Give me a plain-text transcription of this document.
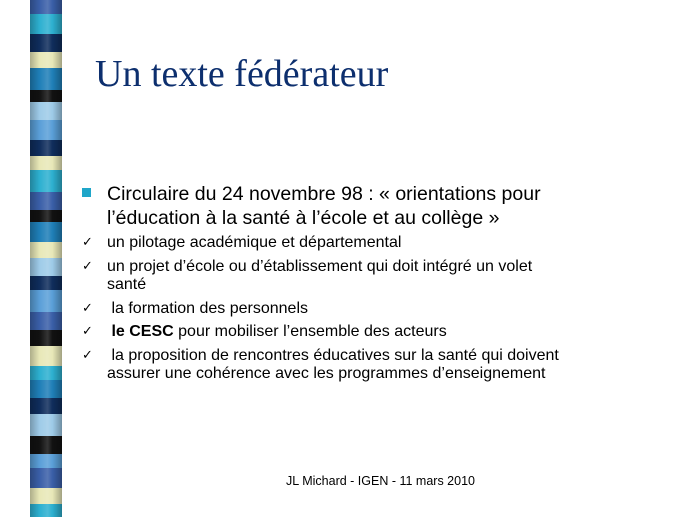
Un texte fédérateur
Circulaire du 24 novembre 98 : « orientations pour
l’éducation à la santé à l’école et au collège »
✓ un pilotage académique et départemental
✓ un projet d’école ou d’établissement qui doit intégré un volet
santé
✓ la formation des personnels
✓ le CESC pour mobiliser l’ensemble des acteurs
✓ la proposition de rencontres éducatives sur la santé qui doivent
assurer une cohérence avec les programmes d’enseignement
JL Michard - IGEN - 11 mars 2010
